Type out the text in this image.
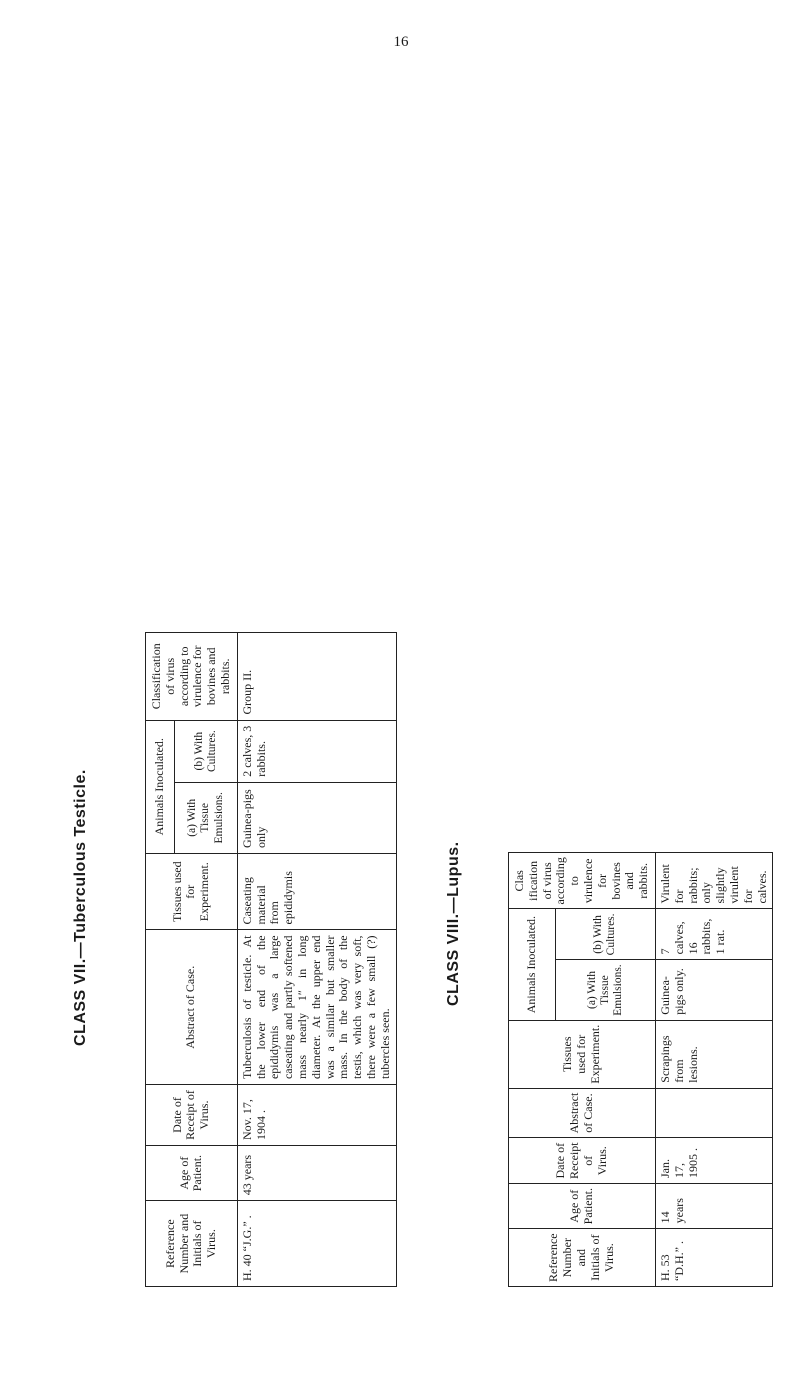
16
CLASS VII.—Tuberculous Testicle.
Reference Number and Initials of Virus.	Age of Patient.	Date of Receipt of Virus.	Abstract of Case.	Tissues used for Experiment.	Animals Inoculated.		Classification of virus according to virulence for bovines and rabbits.
					(a) With Tissue Emulsions.	(b) With Cultures.	
H. 40 “J.G.” .	43 years	Nov. 17, 1904 .	Tuberculosis of testicle. At the lower end of the epididymis was a large caseating and partly softened mass nearly 1″ in long diameter. At the upper end was a similar but smaller mass. In the body of the testis, which was very soft, there were a few small (?) tubercles seen.	Caseating material from epididymis	Guinea-pigs only	2 calves, 3 rabbits.	Group II.
CLASS VIII.—Lupus.
Reference Number and Initials of Virus.	Age of Patient.	Date of Receipt of Virus.	Abstract of Case.	Tissues used for Experiment.	Animals Inoculated.		Clas ification of virus according to virulence for bovines and rabbits.
					(a) With Tissue Emulsions.	(b) With Cultures.	
H. 53 “D.H.” .	14 years	Jan. 17, 1905 .		Scrapings from lesions.	Guinea-pigs only.	7 calves, 16 rabbits, 1 rat.	Virulent for rabbits; only slightly virulent for calves.
